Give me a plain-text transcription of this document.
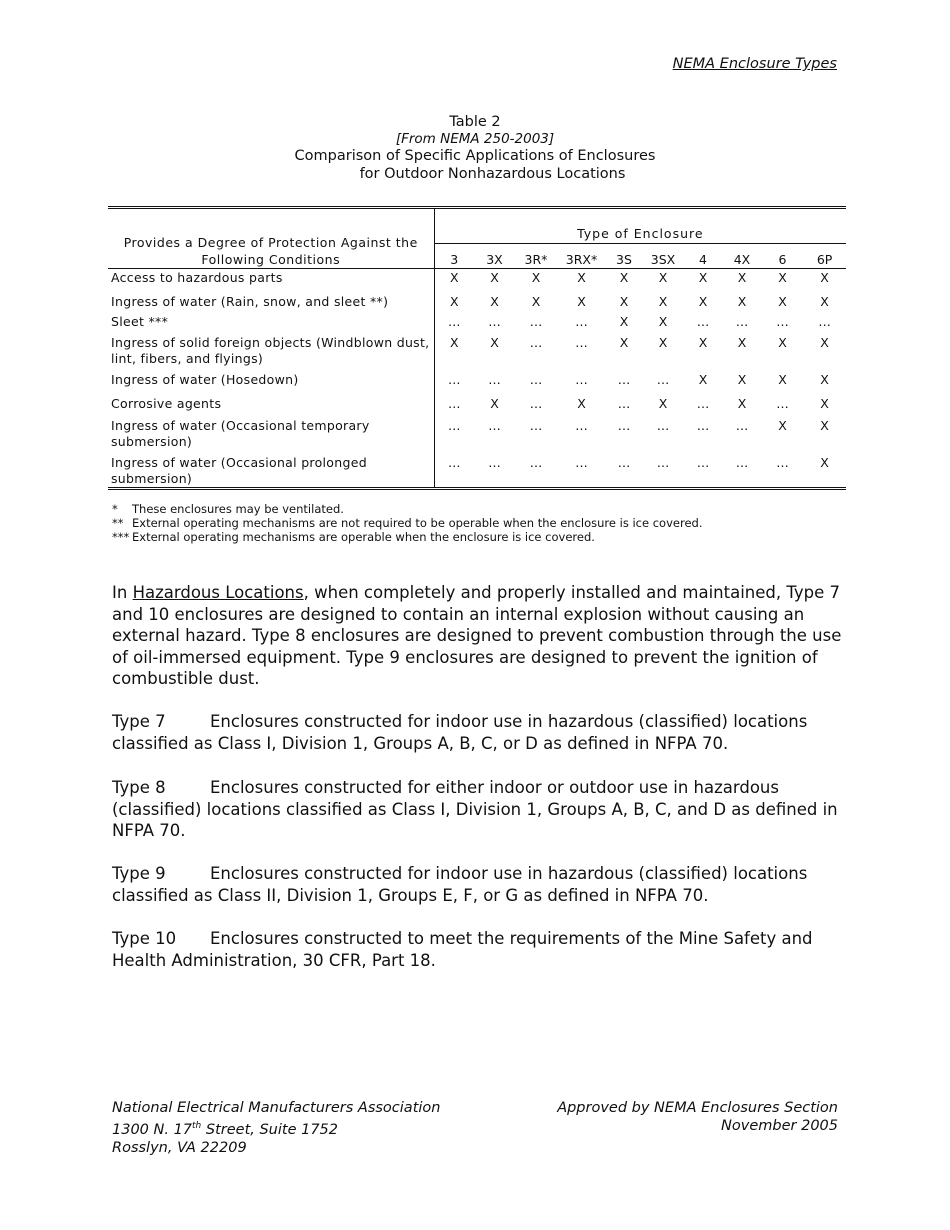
NEMA Enclosure Types
Table 2
[From NEMA 250-2003]
Comparison of Specific Applications of Enclosures
for Outdoor Nonhazardous Locations
Provides a Degree of Protection Against the Following Conditions	Type of Enclosure									
	3	3X	3R*	3RX*	3S	3SX	4	4X	6	6P
Access to hazardous parts	X	X	X	X	X	X	X	X	X	X
Ingress of water (Rain, snow, and sleet **)	X	X	X	X	X	X	X	X	X	X
Sleet ***	…	…	…	…	X	X	…	…	…	…
Ingress of solid foreign objects (Windblown dust, lint, fibers, and flyings)	X	X	…	…	X	X	X	X	X	X
Ingress of water (Hosedown)	…	…	…	…	…	…	X	X	X	X
Corrosive agents	…	X	…	X	…	X	…	X	…	X
Ingress of water (Occasional temporary submersion)	…	…	…	…	…	…	…	…	X	X
Ingress of water (Occasional prolonged submersion)	…	…	…	…	…	…	…	…	…	X
* These enclosures may be ventilated.
** External operating mechanisms are not required to be operable when the enclosure is ice covered.
*** External operating mechanisms are operable when the enclosure is ice covered.
In Hazardous Locations, when completely and properly installed and maintained, Type 7 and 10 enclosures are designed to contain an internal explosion without causing an external hazard. Type 8 enclosures are designed to prevent combustion through the use of oil-immersed equipment. Type 9 enclosures are designed to prevent the ignition of combustible dust.
Type 7	Enclosures constructed for indoor use in hazardous (classified) locations classified as Class I, Division 1, Groups A, B, C, or D as defined in NFPA 70.
Type 8	Enclosures constructed for either indoor or outdoor use in hazardous (classified) locations classified as Class I, Division 1, Groups A, B, C, and D as defined in NFPA 70.
Type 9	Enclosures constructed for indoor use in hazardous (classified) locations classified as Class II, Division 1, Groups E, F, or G as defined in NFPA 70.
Type 10 Enclosures constructed to meet the requirements of the Mine Safety and Health Administration, 30 CFR, Part 18.
National Electrical Manufacturers Association
1300 N. 17th Street, Suite 1752
Rosslyn, VA 22209
Approved by NEMA Enclosures Section
November 2005
